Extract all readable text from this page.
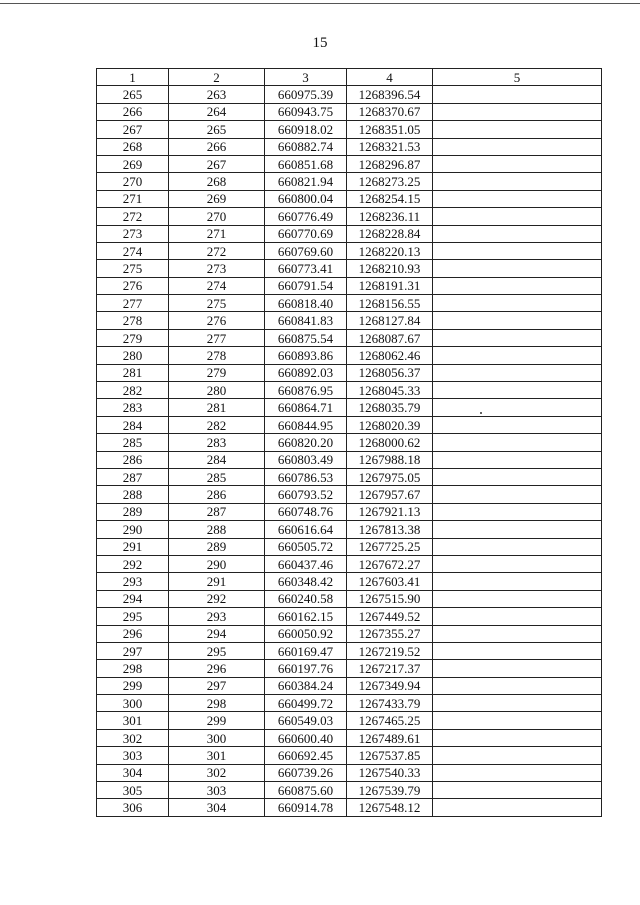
15
1	2	3	4	5
265	263	660975.39	1268396.54	
266	264	660943.75	1268370.67	
267	265	660918.02	1268351.05	
268	266	660882.74	1268321.53	
269	267	660851.68	1268296.87	
270	268	660821.94	1268273.25	
271	269	660800.04	1268254.15	
272	270	660776.49	1268236.11	
273	271	660770.69	1268228.84	
274	272	660769.60	1268220.13	
275	273	660773.41	1268210.93	
276	274	660791.54	1268191.31	
277	275	660818.40	1268156.55	
278	276	660841.83	1268127.84	
279	277	660875.54	1268087.67	
280	278	660893.86	1268062.46	
281	279	660892.03	1268056.37	
282	280	660876.95	1268045.33	
283	281	660864.71	1268035.79	
284	282	660844.95	1268020.39	
285	283	660820.20	1268000.62	
286	284	660803.49	1267988.18	
287	285	660786.53	1267975.05	
288	286	660793.52	1267957.67	
289	287	660748.76	1267921.13	
290	288	660616.64	1267813.38	
291	289	660505.72	1267725.25	
292	290	660437.46	1267672.27	
293	291	660348.42	1267603.41	
294	292	660240.58	1267515.90	
295	293	660162.15	1267449.52	
296	294	660050.92	1267355.27	
297	295	660169.47	1267219.52	
298	296	660197.76	1267217.37	
299	297	660384.24	1267349.94	
300	298	660499.72	1267433.79	
301	299	660549.03	1267465.25	
302	300	660600.40	1267489.61	
303	301	660692.45	1267537.85	
304	302	660739.26	1267540.33	
305	303	660875.60	1267539.79	
306	304	660914.78	1267548.12	
